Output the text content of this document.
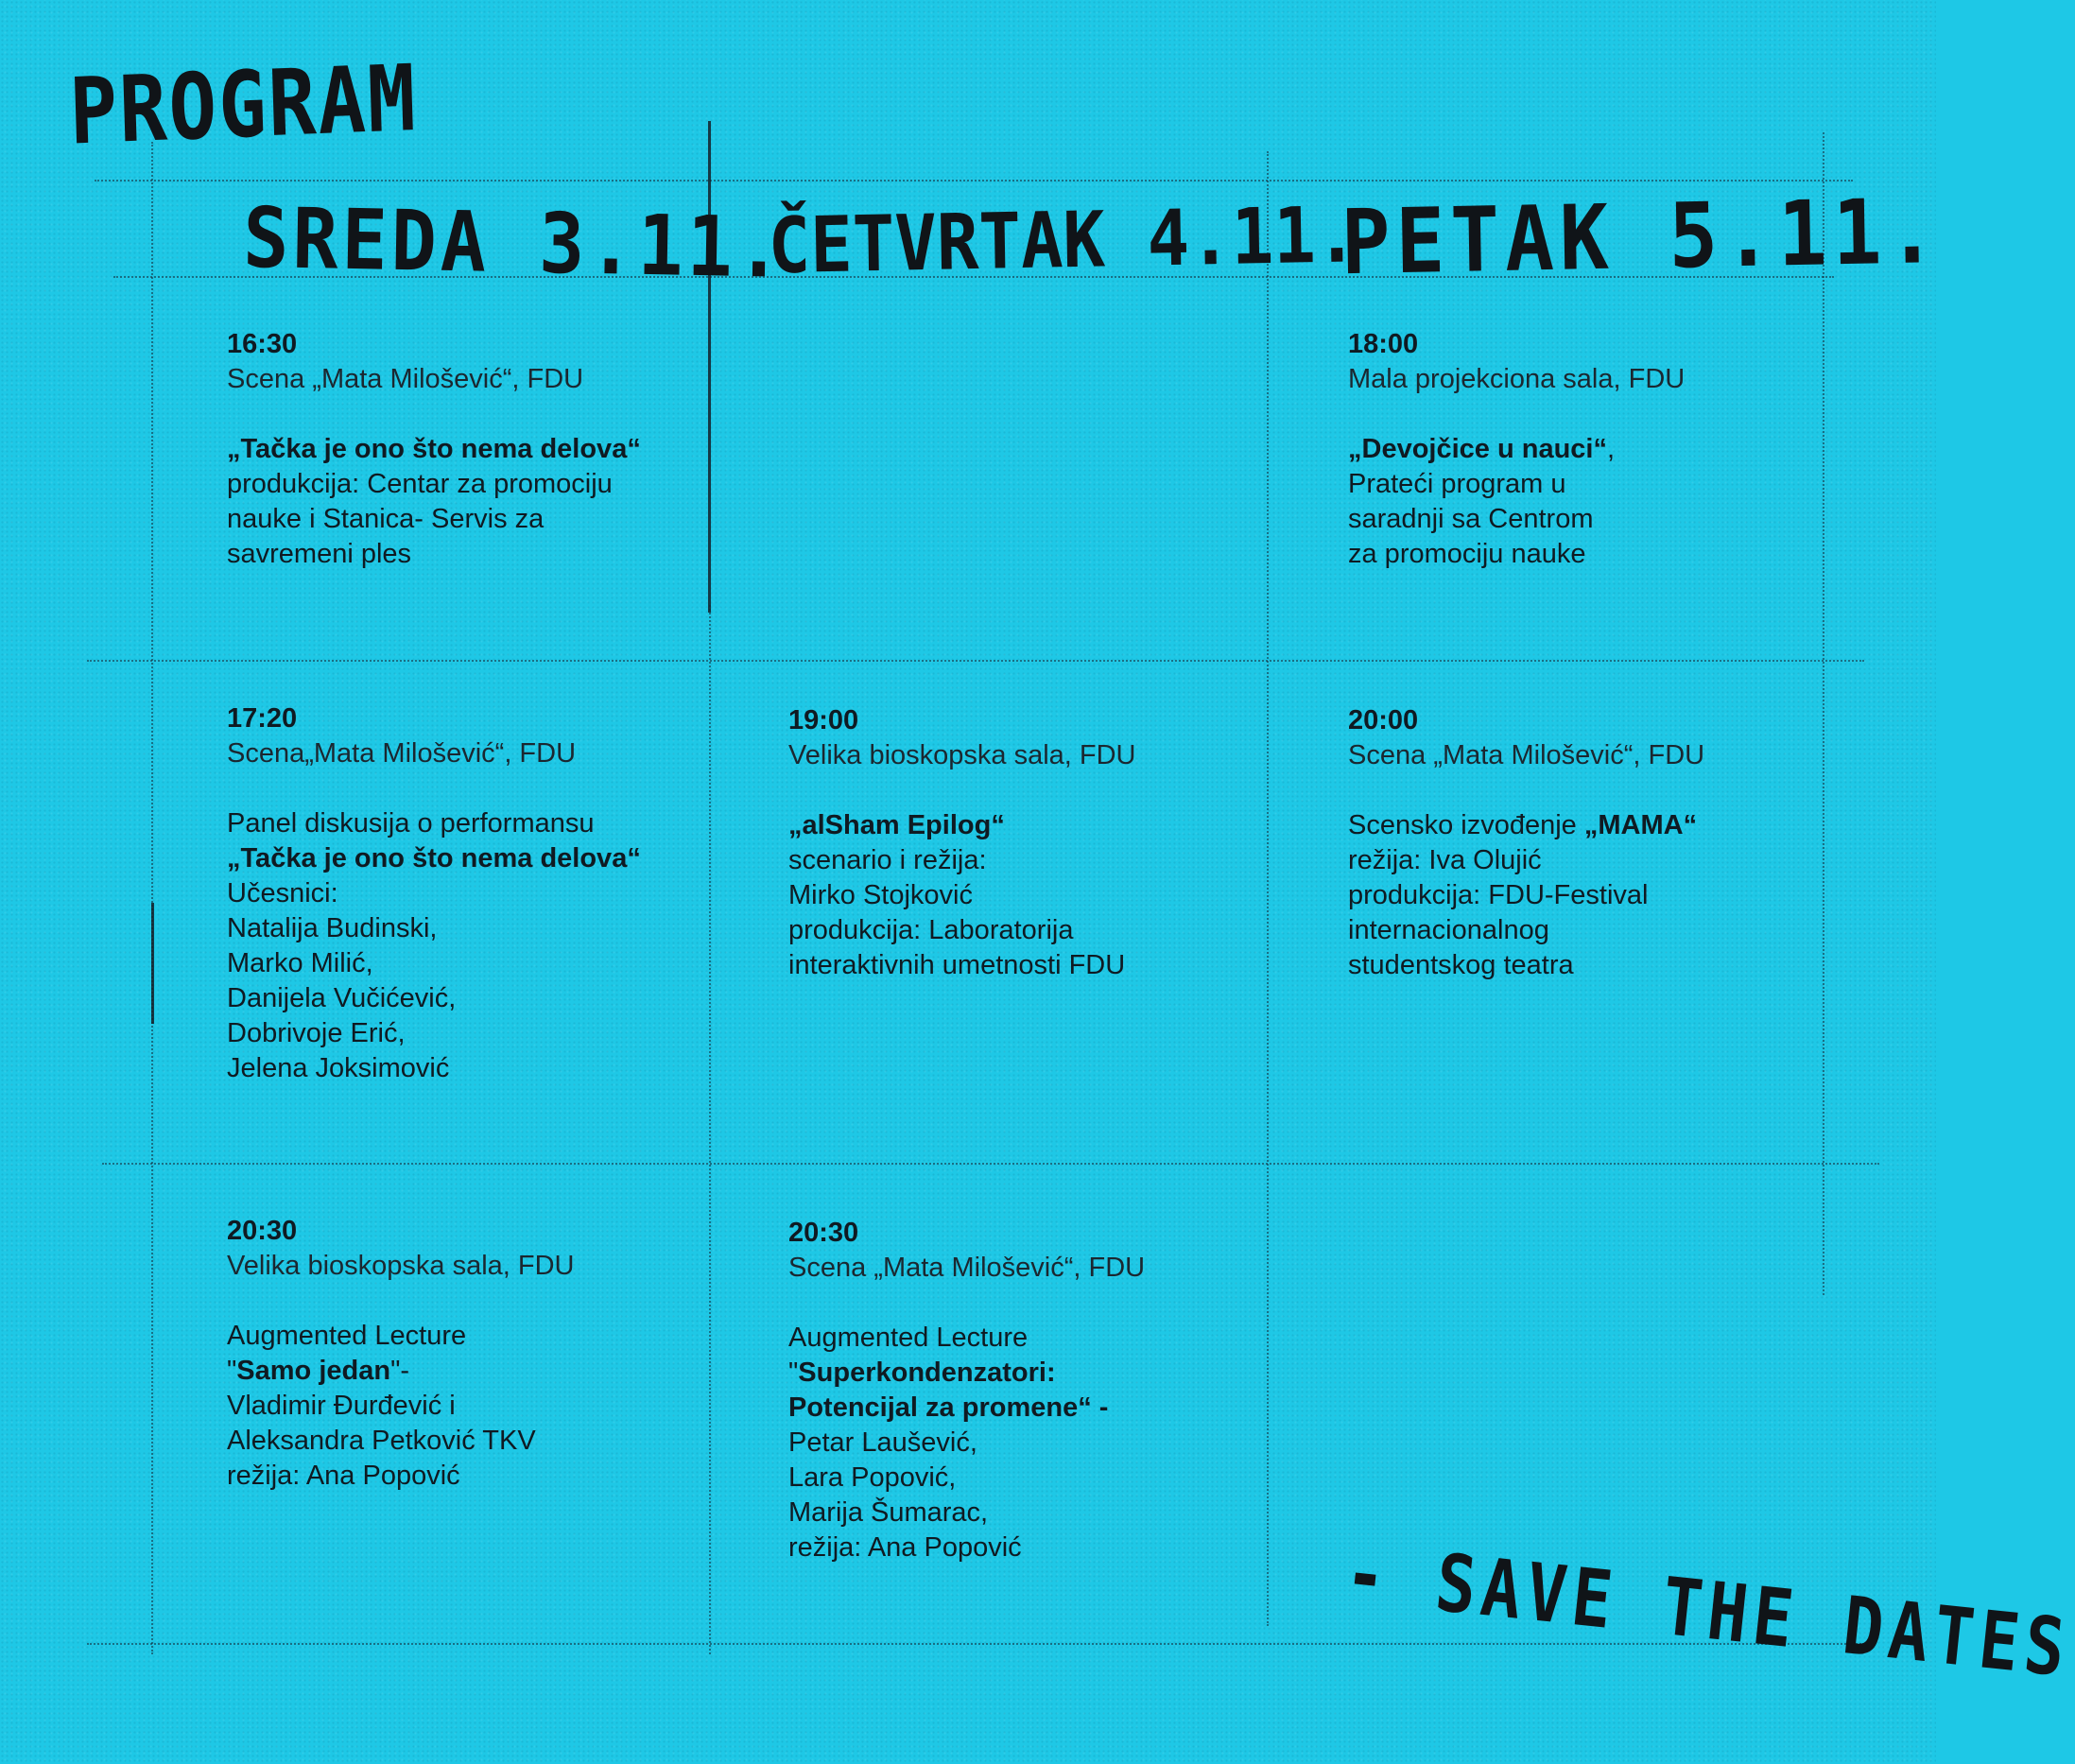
PROGRAM
SREDA 3.11.
ČETVRTAK 4.11.
PETAK 5.11.
16:30
Scena „Mata Milošević“, FDU
„Tačka je ono što nema delova“
produkcija: Centar za promociju
nauke i Stanica- Servis za
savremeni ples
18:00
Mala projekciona sala, FDU
„Devojčice u nauci“,
Prateći program u
saradnji sa Centrom
za promociju nauke
17:20
Scena„Mata Milošević“, FDU
Panel diskusija o performansu
„Tačka je ono što nema delova“
Učesnici:
Natalija Budinski,
Marko Milić,
Danijela Vučićević,
Dobrivoje Erić,
Jelena Joksimović
19:00
Velika bioskopska sala, FDU
„alSham Epilog“
scenario i režija:
Mirko Stojković
produkcija: Laboratorija
interaktivnih umetnosti FDU
20:00
Scena „Mata Milošević“, FDU
Scensko izvođenje „MAMA“
režija: Iva Olujić
produkcija: FDU-Festival
internacionalnog
studentskog teatra
20:30
Velika bioskopska sala, FDU
Augmented Lecture
"Samo jedan"-
Vladimir Đurđević i
Aleksandra Petković TKV
režija: Ana Popović
20:30
Scena „Mata Milošević“, FDU
Augmented Lecture
"Superkondenzatori:
Potencijal za promene“ -
Petar Laušević,
Lara Popović,
Marija Šumarac,
režija: Ana Popović	- SAVE THE DATES
